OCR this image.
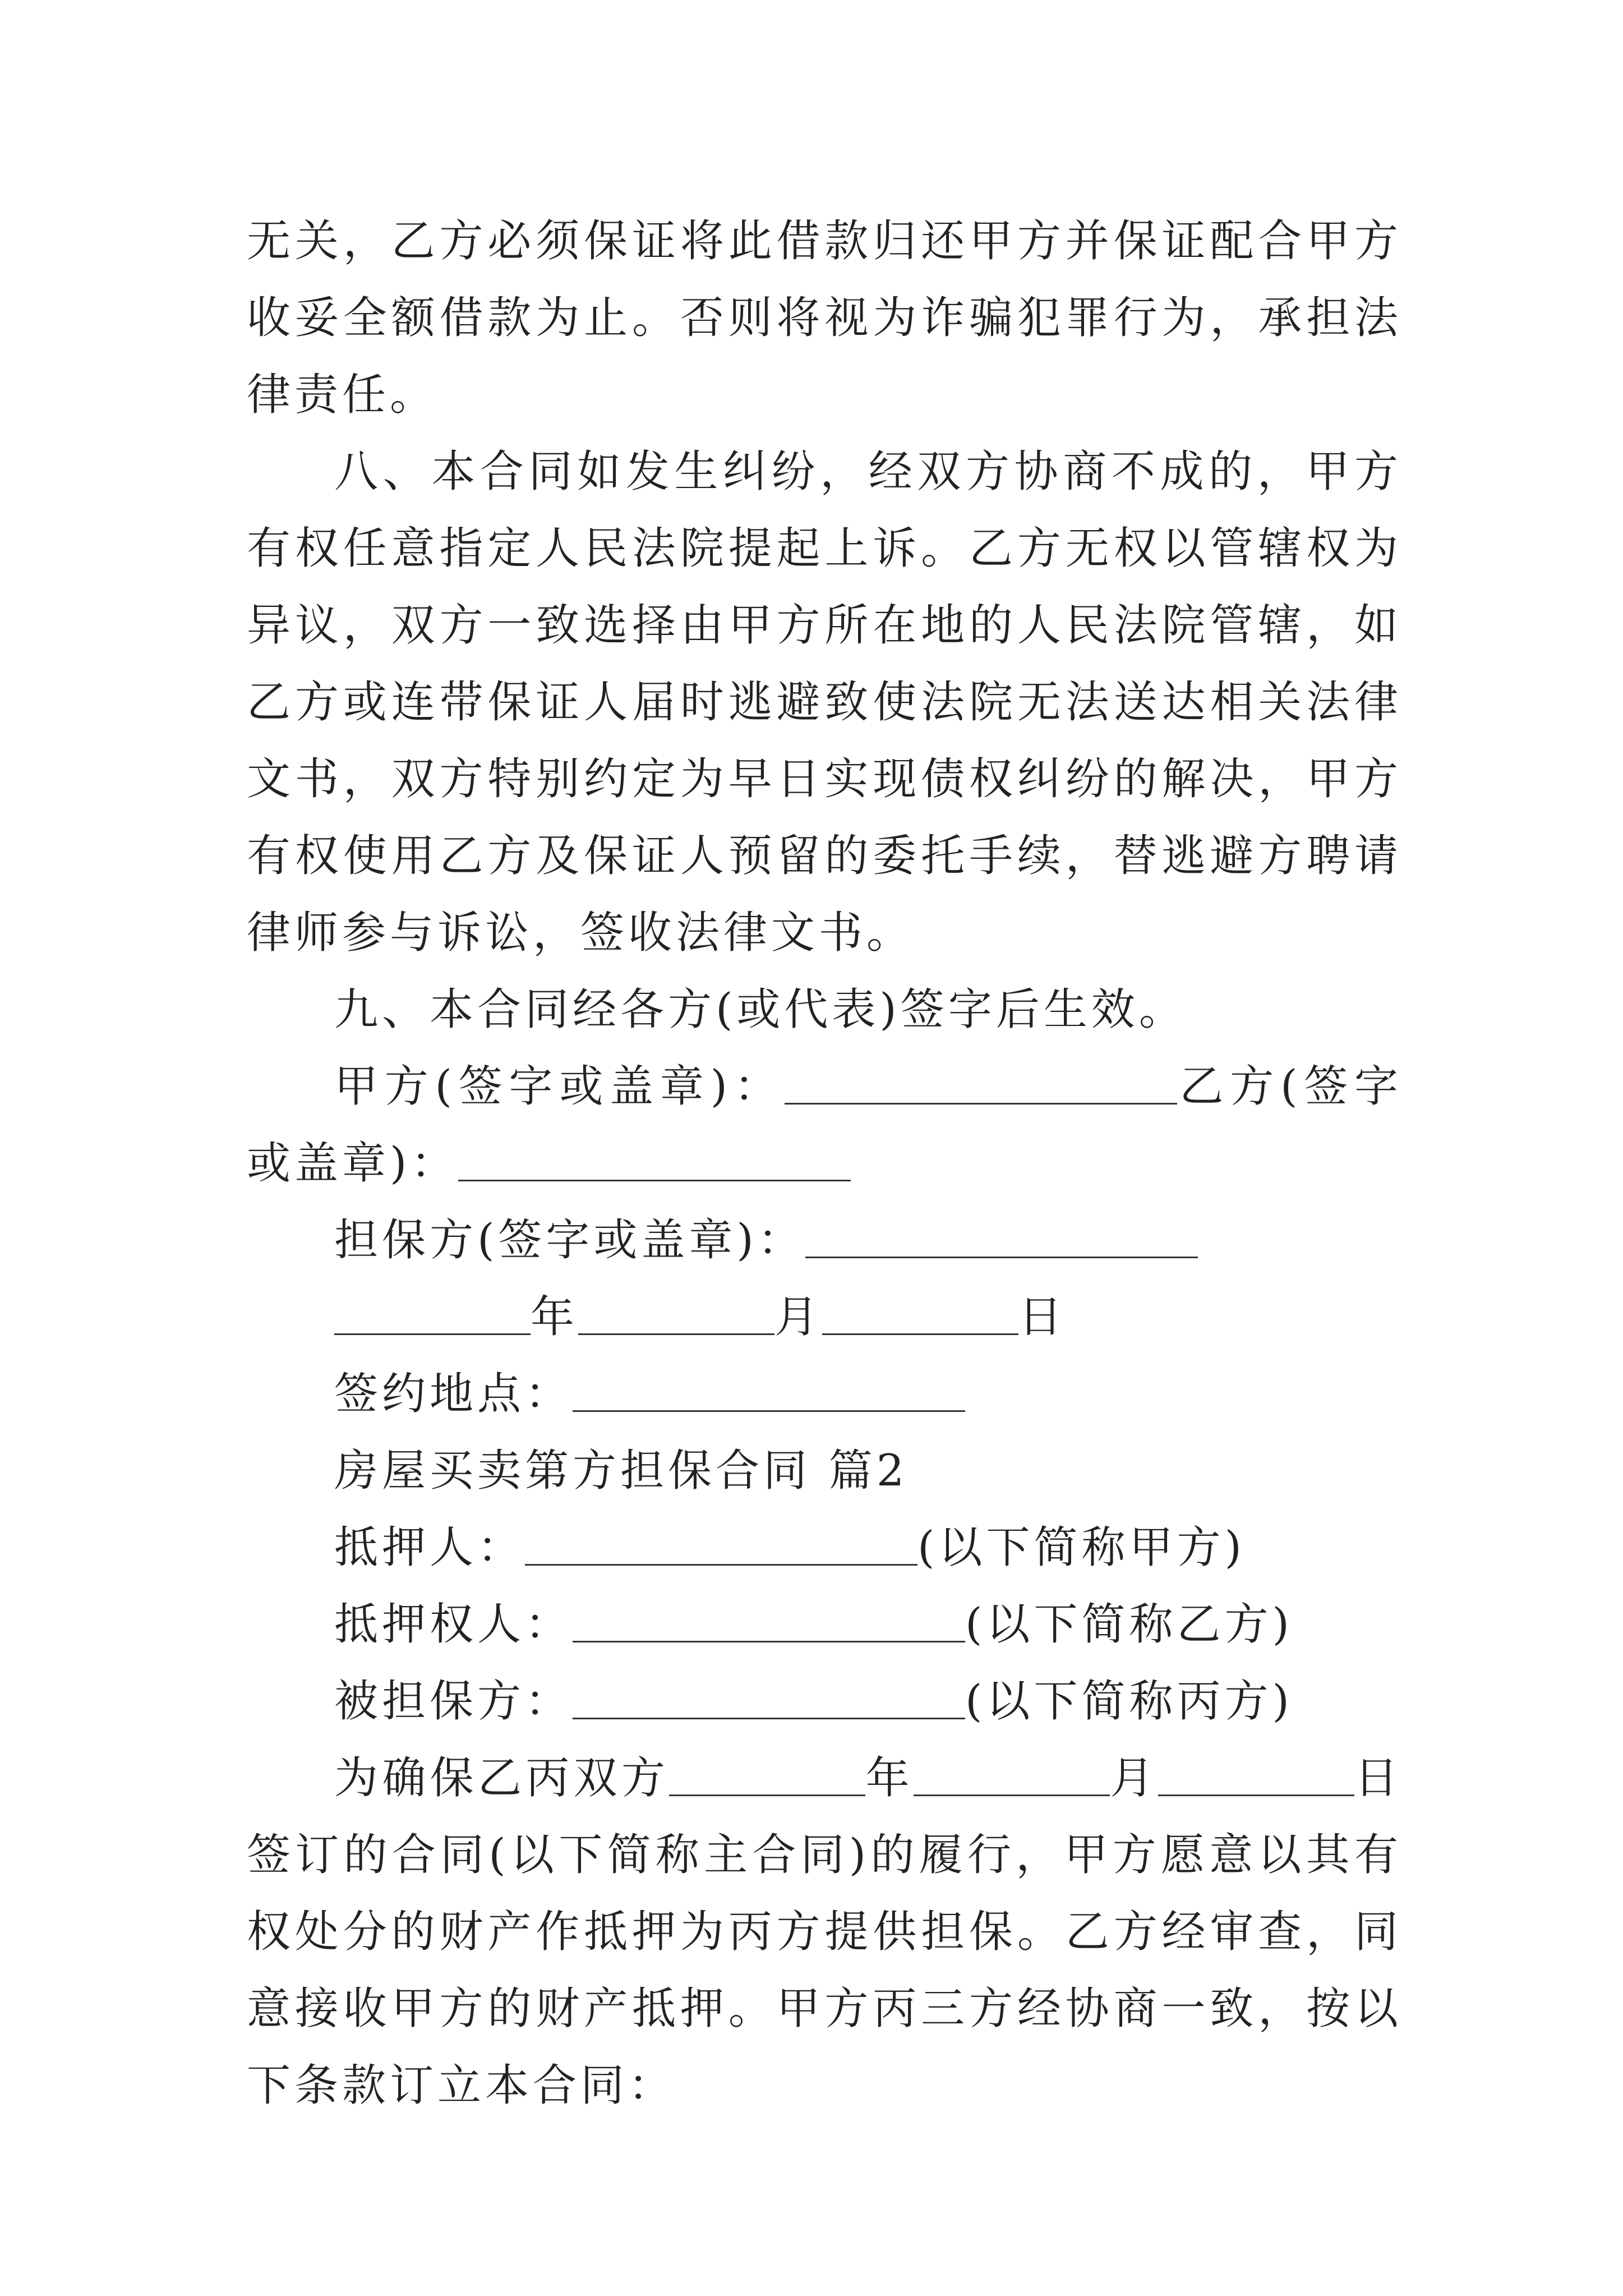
无关，乙方必须保证将此借款归还甲方并保证配合甲方收妥全额借款为止。否则将视为诈骗犯罪行为，承担法律责任。

八、本合同如发生纠纷，经双方协商不成的，甲方有权任意指定人民法院提起上诉。乙方无权以管辖权为异议，双方一致选择由甲方所在地的人民法院管辖，如乙方或连带保证人届时逃避致使法院无法送达相关法律文书，双方特别约定为早日实现债权纠纷的解决，甲方有权使用乙方及保证人预留的委托手续，替逃避方聘请律师参与诉讼，签收法律文书。

九、本合同经各方(或代表)签字后生效。

甲方(签字或盖章)：	乙方(签字或盖章)：

担保方(签字或盖章)：

年	月	日

签约地点：

房屋买卖第方担保合同 篇2

抵押人：	(以下简称甲方)

抵押权人：	(以下简称乙方)

被担保方：	(以下简称丙方)

为确保乙丙双方	年	月	日签订的合同(以下简称主合同)的履行，甲方愿意以其有权处分的财产作抵押为丙方提供担保。乙方经审查，同意接收甲方的财产抵押。甲方丙三方经协商一致，按以下条款订立本合同：
